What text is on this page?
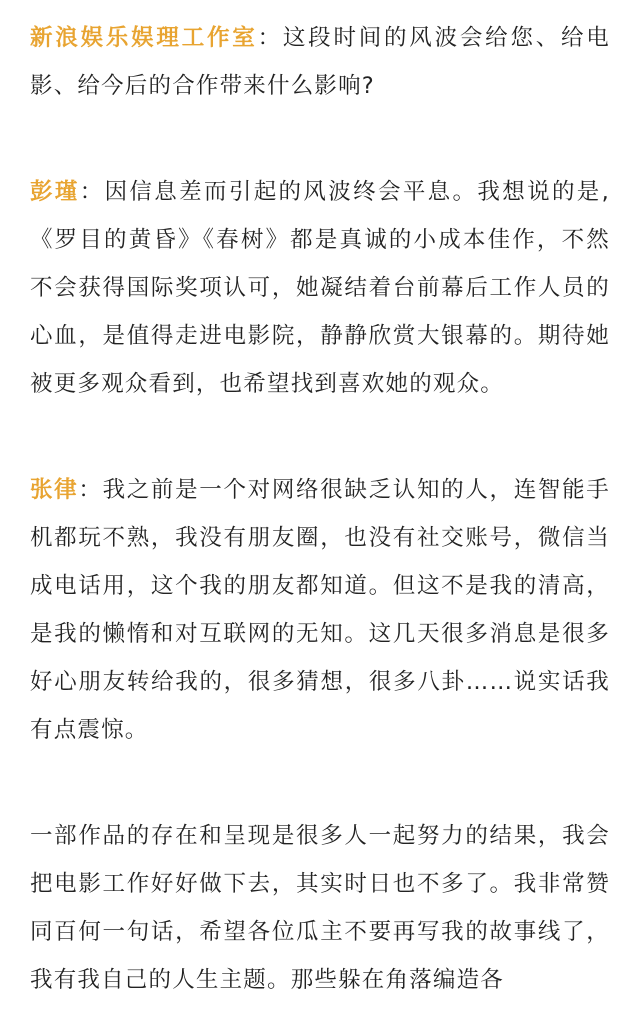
新浪娱乐娱理工作室：这段时间的风波会给您、给电影、给今后的合作带来什么影响?

彭瑾：因信息差而引起的风波终会平息。我想说的是,《罗目的黄昏》《春树》都是真诚的小成本佳作，不然不会获得国际奖项认可，她凝结着台前幕后工作人员的心血，是值得走进电影院，静静欣赏大银幕的。期待她被更多观众看到，也希望找到喜欢她的观众。

张律：我之前是一个对网络很缺乏认知的人，连智能手机都玩不熟，我没有朋友圈，也没有社交账号，微信当成电话用，这个我的朋友都知道。但这不是我的清高，是我的懒惰和对互联网的无知。这几天很多消息是很多好心朋友转给我的，很多猜想，很多八卦……说实话我有点震惊。

一部作品的存在和呈现是很多人一起努力的结果，我会把电影工作好好做下去，其实时日也不多了。我非常赞同百何一句话，希望各位瓜主不要再写我的故事线了，我有我自己的人生主题。那些躲在角落编造各
